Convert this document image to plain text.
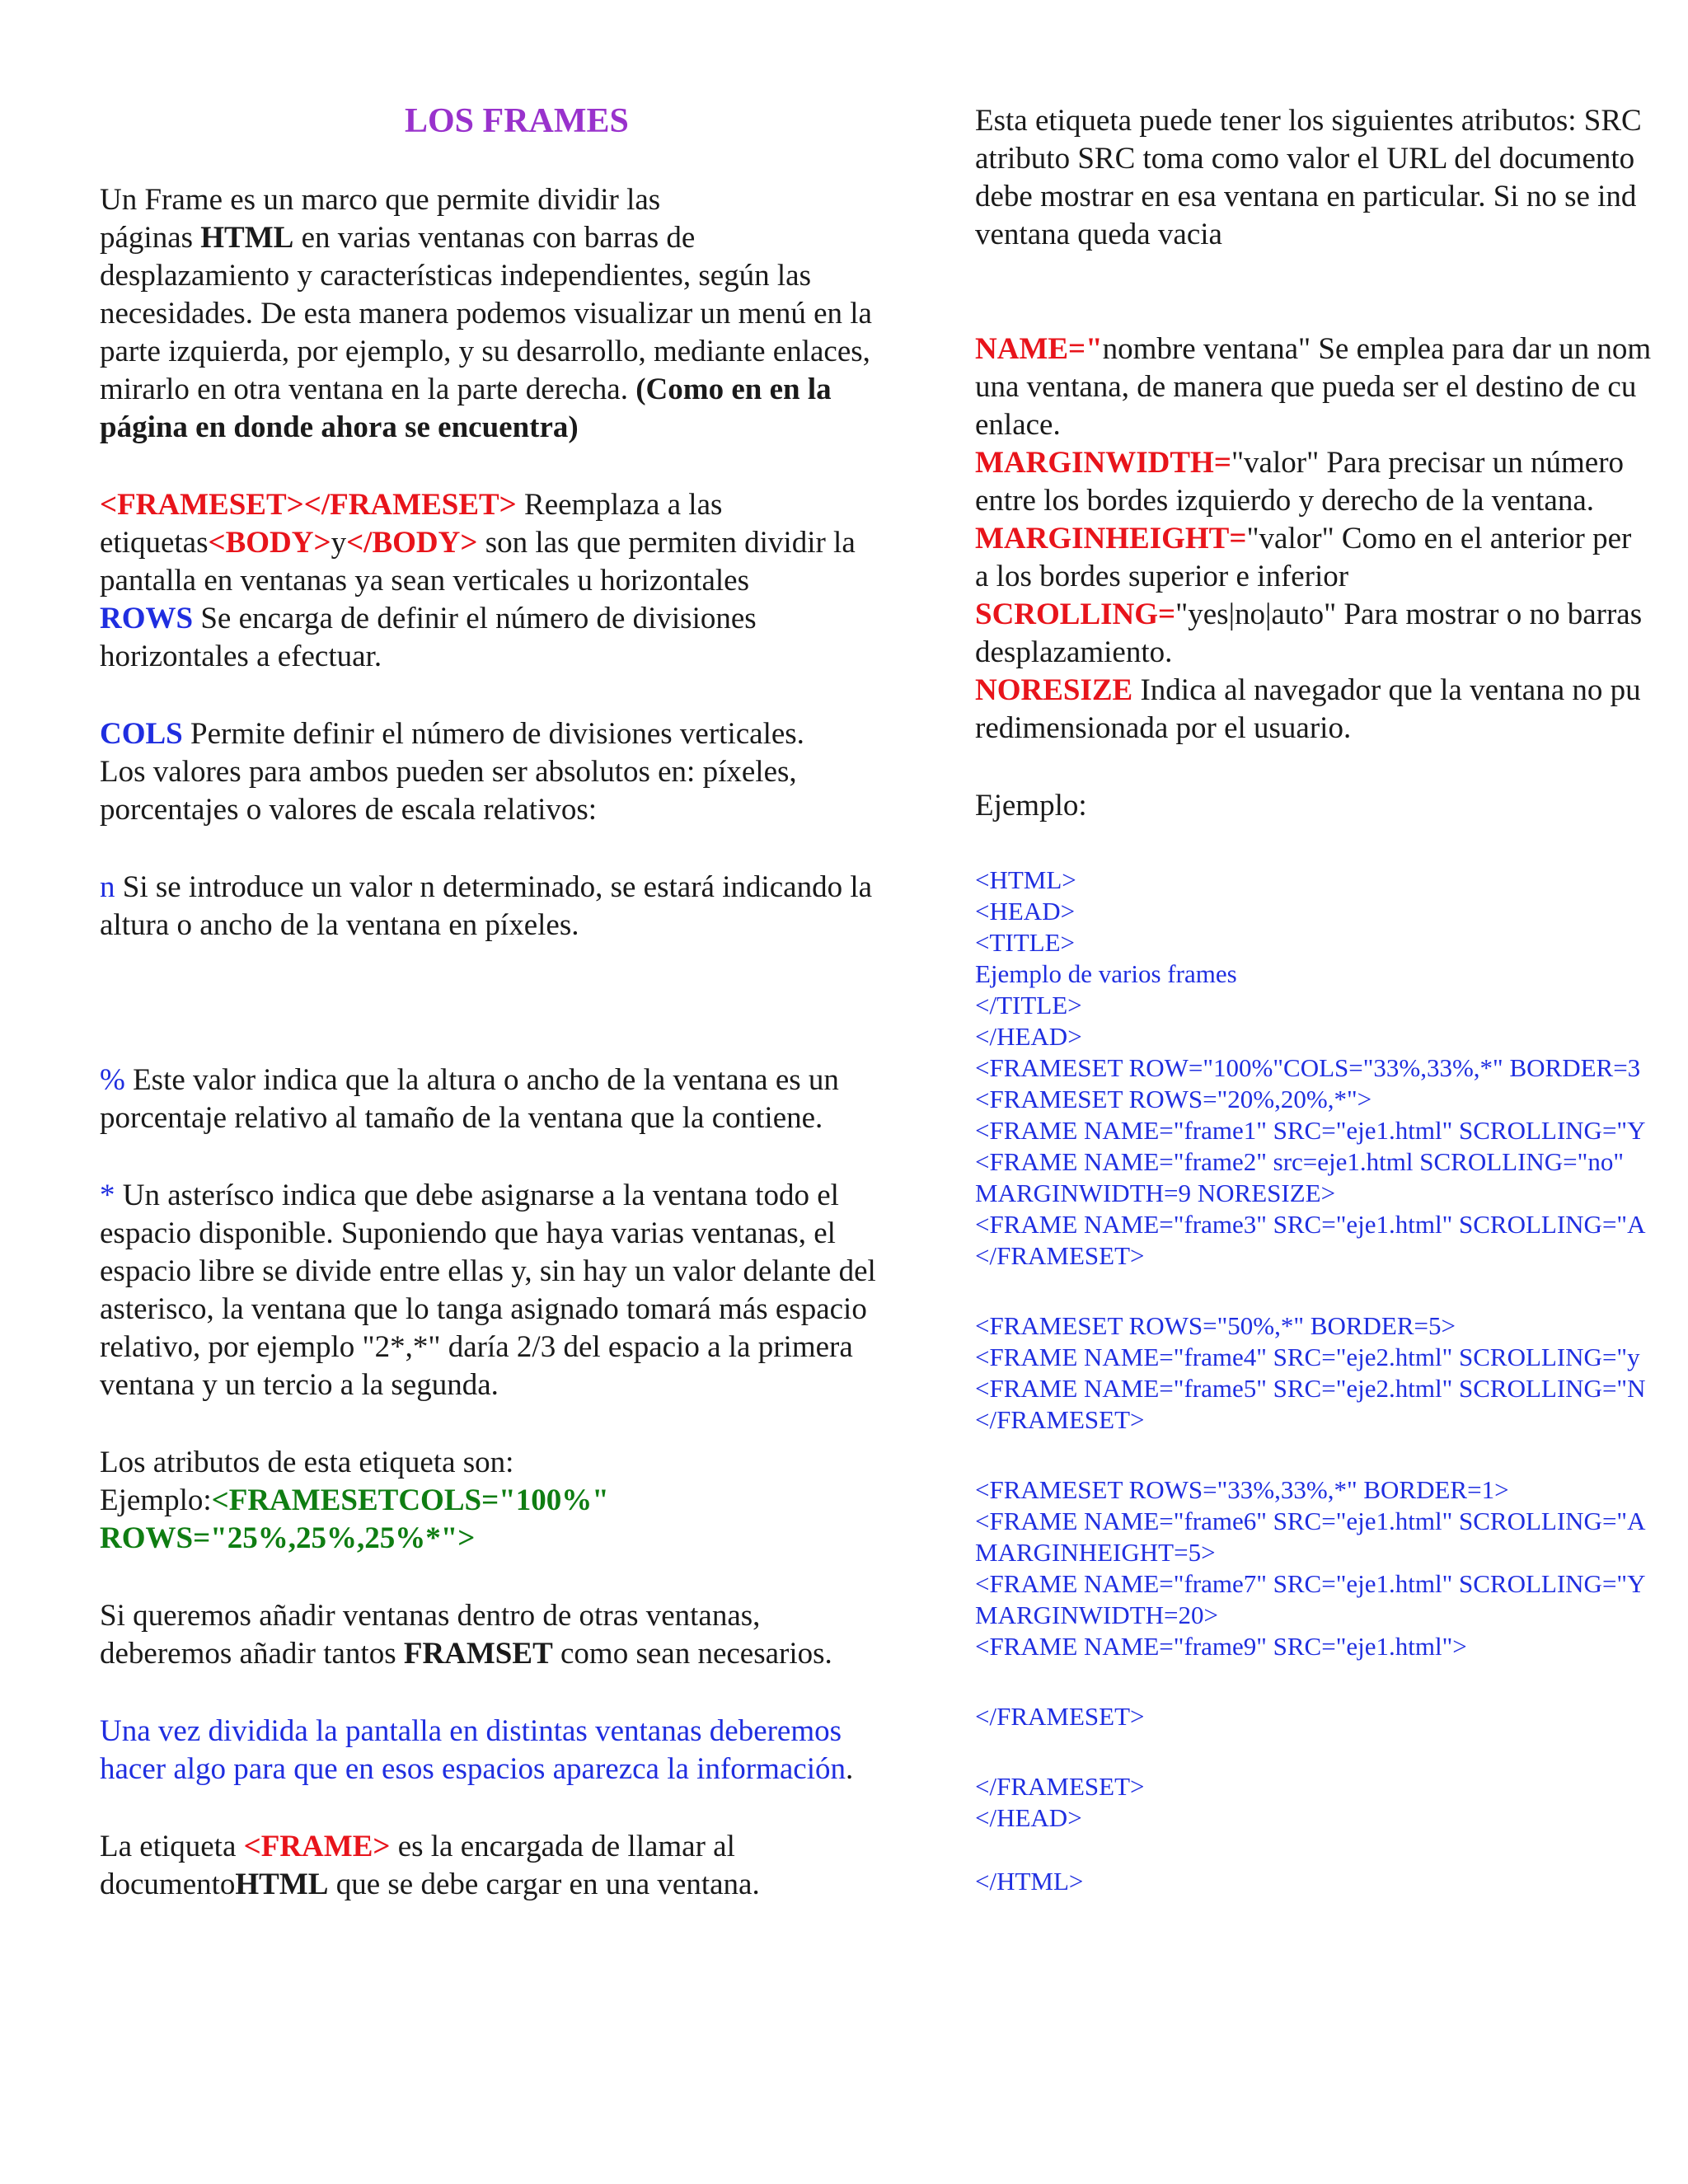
LOS FRAMES
Un Frame es un marco que permite dividir las
páginas HTML en varias ventanas con barras de
desplazamiento y características independientes, según las
necesidades. De esta manera podemos visualizar un menú en la
parte izquierda, por ejemplo, y su desarrollo, mediante enlaces,
mirarlo en otra ventana en la parte derecha. (Como en en la
página en donde ahora se encuentra)
<FRAMESET></FRAMESET> Reemplaza a las
etiquetas<BODY>y</BODY> son las que permiten dividir la
pantalla en ventanas ya sean verticales u horizontales
ROWS Se encarga de definir el número de divisiones
horizontales a efectuar.
COLS Permite definir el número de divisiones verticales.
Los valores para ambos pueden ser absolutos en: píxeles,
porcentajes o valores de escala relativos:
n Si se introduce un valor n determinado, se estará indicando la
altura o ancho de la ventana en píxeles.
% Este valor indica que la altura o ancho de la ventana es un
porcentaje relativo al tamaño de la ventana que la contiene.
* Un asterísco indica que debe asignarse a la ventana todo el
espacio disponible. Suponiendo que haya varias ventanas, el
espacio libre se divide entre ellas y, sin hay un valor delante del
asterisco, la ventana que lo tanga asignado tomará más espacio
relativo, por ejemplo "2*,*" daría 2/3 del espacio a la primera
ventana y un tercio a la segunda.
Los atributos de esta etiqueta son:
Ejemplo:<FRAMESETCOLS="100%"
ROWS="25%,25%,25%*">
Si queremos añadir ventanas dentro de otras ventanas,
deberemos añadir tantos FRAMSET como sean necesarios.
Una vez dividida la pantalla en distintas ventanas deberemos
hacer algo para que en esos espacios aparezca la información.
La etiqueta <FRAME> es la encargada de llamar al
documentoHTML que se debe cargar en una ventana.
Esta etiqueta puede tener los siguientes atributos: SRC
atributo SRC toma como valor el URL del documento
debe mostrar en esa ventana en particular. Si no se ind
ventana queda vacia
NAME="nombre ventana" Se emplea para dar un nom
una ventana, de manera que pueda ser el destino de cu
enlace.
MARGINWIDTH="valor" Para precisar un número
entre los bordes izquierdo y derecho de la ventana.
MARGINHEIGHT="valor" Como en el anterior per
a los bordes superior e inferior
SCROLLING="yes|no|auto" Para mostrar o no barras
desplazamiento.
NORESIZE Indica al navegador que la ventana no pu
redimensionada por el usuario.
Ejemplo:
<HTML>
<HEAD>
<TITLE>
Ejemplo de varios frames
</TITLE>
</HEAD>
<FRAMESET ROW="100%"COLS="33%,33%,*" BORDER=3
<FRAMESET ROWS="20%,20%,*">
<FRAME NAME="frame1" SRC="eje1.html" SCROLLING="Y
<FRAME NAME="frame2" src=eje1.html SCROLLING="no"
MARGINWIDTH=9 NORESIZE>
<FRAME NAME="frame3" SRC="eje1.html" SCROLLING="A
</FRAMESET>
<FRAMESET ROWS="50%,*" BORDER=5>
<FRAME NAME="frame4" SRC="eje2.html" SCROLLING="y
<FRAME NAME="frame5" SRC="eje2.html" SCROLLING="N
</FRAMESET>
<FRAMESET ROWS="33%,33%,*" BORDER=1>
<FRAME NAME="frame6" SRC="eje1.html" SCROLLING="A
MARGINHEIGHT=5>
<FRAME NAME="frame7" SRC="eje1.html" SCROLLING="Y
MARGINWIDTH=20>
<FRAME NAME="frame9" SRC="eje1.html">
</FRAMESET>
</FRAMESET>
</HEAD>
</HTML>
